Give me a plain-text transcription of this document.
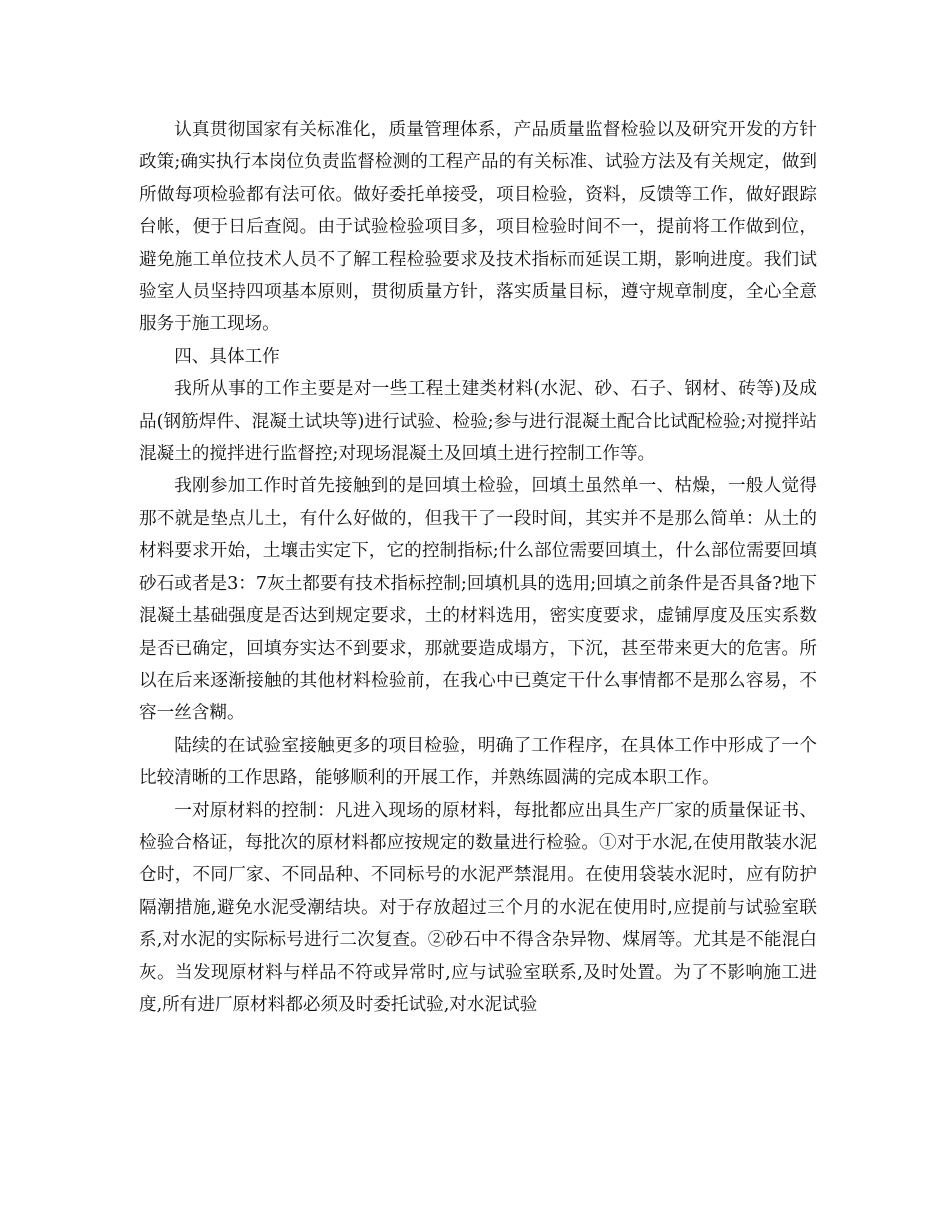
认真贯彻国家有关标准化，质量管理体系，产品质量监督检验以及研究开发的方针政策;确实执行本岗位负责监督检测的工程产品的有关标准、试验方法及有关规定，做到所做每项检验都有法可依。做好委托单接受，项目检验，资料，反馈等工作，做好跟踪台帐，便于日后查阅。由于试验检验项目多，项目检验时间不一，提前将工作做到位，避免施工单位技术人员不了解工程检验要求及技术指标而延误工期，影响进度。我们试验室人员坚持四项基本原则，贯彻质量方针，落实质量目标，遵守规章制度，全心全意服务于施工现场。

四、具体工作

我所从事的工作主要是对一些工程土建类材料(水泥、砂、石子、钢材、砖等)及成品(钢筋焊件、混凝土试块等)进行试验、检验;参与进行混凝土配合比试配检验;对搅拌站混凝土的搅拌进行监督控;对现场混凝土及回填土进行控制工作等。

我刚参加工作时首先接触到的是回填土检验，回填土虽然单一、枯燥，一般人觉得那不就是垫点儿土，有什么好做的，但我干了一段时间，其实并不是那么简单：从土的材料要求开始，土壤击实定下，它的控制指标;什么部位需要回填土，什么部位需要回填砂石或者是3：7灰土都要有技术指标控制;回填机具的选用;回填之前条件是否具备?地下混凝土基础强度是否达到规定要求，土的材料选用，密实度要求，虚铺厚度及压实系数是否已确定，回填夯实达不到要求，那就要造成塌方，下沉，甚至带来更大的危害。所以在后来逐渐接触的其他材料检验前，在我心中已奠定干什么事情都不是那么容易，不容一丝含糊。

陆续的在试验室接触更多的项目检验，明确了工作程序，在具体工作中形成了一个比较清晰的工作思路，能够顺利的开展工作，并熟练圆满的完成本职工作。

一对原材料的控制：凡进入现场的原材料，每批都应出具生产厂家的质量保证书、检验合格证，每批次的原材料都应按规定的数量进行检验。①对于水泥,在使用散装水泥仓时，不同厂家、不同品种、不同标号的水泥严禁混用。在使用袋装水泥时，应有防护隔潮措施,避免水泥受潮结块。对于存放超过三个月的水泥在使用时,应提前与试验室联系,对水泥的实际标号进行二次复查。②砂石中不得含杂异物、煤屑等。尤其是不能混白灰。当发现原材料与样品不符或异常时,应与试验室联系,及时处置。为了不影响施工进度,所有进厂原材料都必须及时委托试验,对水泥试验
